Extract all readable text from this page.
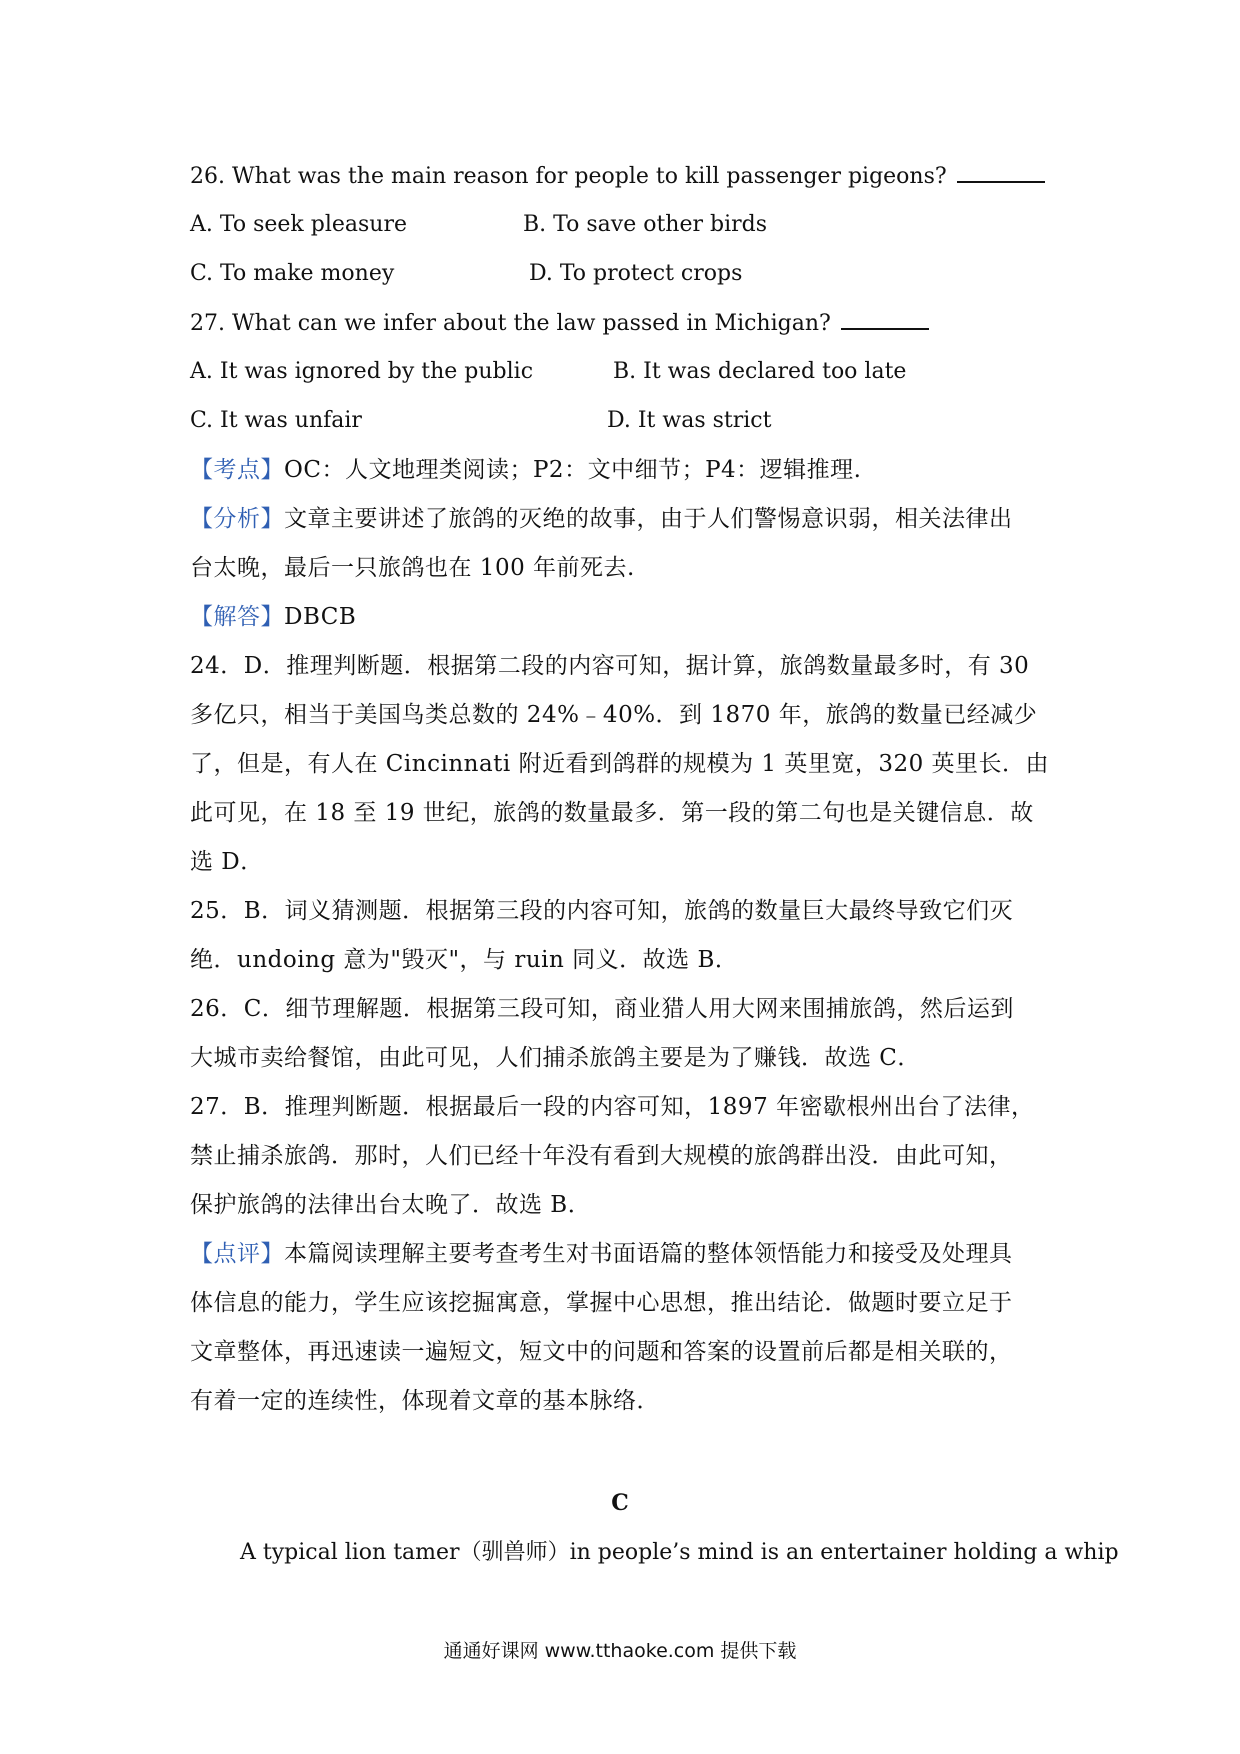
26. What was the main reason for people to kill passenger pigeons?
A. To seek pleasure	B. To save other birds
C. To make money	D. To protect crops
27. What can we infer about the law passed in Michigan?
A. It was ignored by the public	B. It was declared too late
C. It was unfair	D. It was strict
【考点】OC：人文地理类阅读；P2：文中细节；P4：逻辑推理.
【分析】文章主要讲述了旅鸽的灭绝的故事，由于人们警惕意识弱，相关法律出
台太晚，最后一只旅鸽也在 100 年前死去.
【解答】DBCB
24．D．推理判断题．根据第二段的内容可知，据计算，旅鸽数量最多时，有 30
多亿只，相当于美国鸟类总数的 24%﹣40%．到 1870 年，旅鸽的数量已经减少
了，但是，有人在 Cincinnati 附近看到鸽群的规模为 1 英里宽，320 英里长．由
此可见，在 18 至 19 世纪，旅鸽的数量最多．第一段的第二句也是关键信息．故
选 D．
25．B．词义猜测题．根据第三段的内容可知，旅鸽的数量巨大最终导致它们灭
绝．undoing 意为"毁灭"，与 ruin 同义．故选 B．
26．C．细节理解题．根据第三段可知，商业猎人用大网来围捕旅鸽，然后运到
大城市卖给餐馆，由此可见，人们捕杀旅鸽主要是为了赚钱．故选 C．
27．B．推理判断题．根据最后一段的内容可知，1897 年密歇根州出台了法律，
禁止捕杀旅鸽．那时，人们已经十年没有看到大规模的旅鸽群出没．由此可知，
保护旅鸽的法律出台太晚了．故选 B．
【点评】本篇阅读理解主要考查考生对书面语篇的整体领悟能力和接受及处理具
体信息的能力，学生应该挖掘寓意，掌握中心思想，推出结论．做题时要立足于
文章整体，再迅速读一遍短文，短文中的问题和答案的设置前后都是相关联的，
有着一定的连续性，体现着文章的基本脉络．
C
A typical lion tamer（驯兽师）in people’s mind is an entertainer holding a whip
通通好课网 www.tthaoke.com 提供下载
